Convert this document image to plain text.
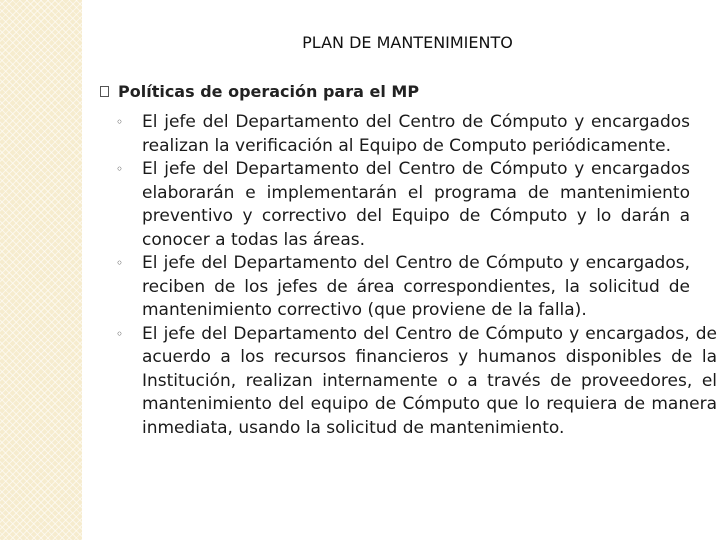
PLAN DE MANTENIMIENTO
Políticas de operación para el MP
◦	El jefe del Departamento del Centro de Cómputo y encargados realizan la verificación al Equipo de Computo periódicamente.
◦	El jefe del Departamento del Centro de Cómputo y encargados elaborarán e implementarán el programa de mantenimiento preventivo y correctivo del Equipo de Cómputo y lo darán a conocer a todas las áreas.
◦	El jefe del Departamento del Centro de Cómputo y encargados, reciben de los jefes de área correspondientes, la solicitud de mantenimiento correctivo (que proviene de la falla).
◦	El jefe del Departamento del Centro de Cómputo y encargados, de acuerdo a los recursos financieros y humanos disponibles de la Institución, realizan internamente o a través de proveedores, el mantenimiento del equipo de Cómputo que lo requiera de manera inmediata, usando la solicitud de mantenimiento.
